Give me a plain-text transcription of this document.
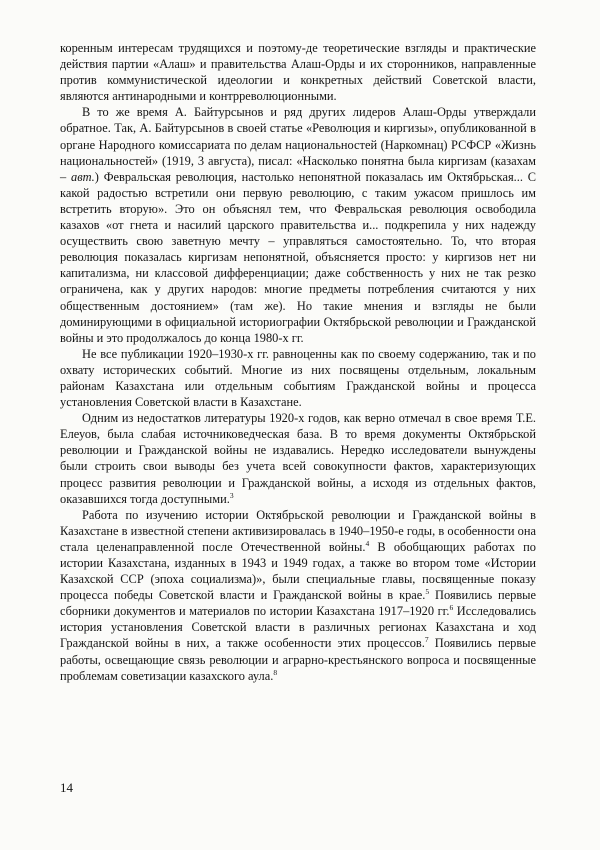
коренным интересам трудящихся и поэтому-де теоретические взгляды и практические действия партии «Алаш» и правительства Алаш-Орды и их сторонников, направленные против коммунистической идеологии и конкретных действий Советской власти, являются антинародными и контрреволюционными.

В то же время А. Байтурсынов и ряд других лидеров Алаш-Орды утверждали обратное. Так, А. Байтурсынов в своей статье «Революция и киргизы», опубликованной в органе Народного комиссариата по делам национальностей (Наркомнац) РСФСР «Жизнь национальностей» (1919, 3 августа), писал: «Насколько понятна была киргизам (казахам – авт.) Февральская революция, настолько непонятной показалась им Октябрьская... С какой радостью встретили они первую революцию, с таким ужасом пришлось им встретить вторую». Это он объяснял тем, что Февральская революция освободила казахов «от гнета и насилий царского правительства и... подкрепила у них надежду осуществить свою заветную мечту – управляться самостоятельно. То, что вторая революция показалась киргизам непонятной, объясняется просто: у киргизов нет ни капитализма, ни классовой дифференциации; даже собственность у них не так резко ограничена, как у других народов: многие предметы потребления считаются у них общественным достоянием» (там же). Но такие мнения и взгляды не были доминирующими в официальной историографии Октябрьской революции и Гражданской войны и это продолжалось до конца 1980-х гг.

Не все публикации 1920–1930-х гг. равноценны как по своему содержанию, так и по охвату исторических событий. Многие из них посвящены отдельным, локальным районам Казахстана или отдельным событиям Гражданской войны и процесса установления Советской власти в Казахстане.

Одним из недостатков литературы 1920-х годов, как верно отмечал в свое время Т.Е. Елеуов, была слабая источниковедческая база. В то время документы Октябрьской революции и Гражданской войны не издавались. Нередко исследователи вынуждены были строить свои выводы без учета всей совокупности фактов, характеризующих процесс развития революции и Гражданской войны, а исходя из отдельных фактов, оказавшихся тогда доступными.$^3$

Работа по изучению истории Октябрьской революции и Гражданской войны в Казахстане в известной степени активизировалась в 1940–1950-е годы, в особенности она стала целенаправленной после Отечественной войны.$^4$ В обобщающих работах по истории Казахстана, изданных в 1943 и 1949 годах, а также во втором томе «Истории Казахской ССР (эпоха социализма)», были специальные главы, посвященные показу процесса победы Советской власти и Гражданской войны в крае.$^5$ Появились первые сборники документов и материалов по истории Казахстана 1917–1920 гг.$^6$ Исследовались история установления Советской власти в различных регионах Казахстана и ход Гражданской войны в них, а также особенности этих процессов.$^7$ Появились первые работы, освещающие связь революции и аграрно-крестьянского вопроса и посвященные проблемам советизации казахского аула.$^8$

14
